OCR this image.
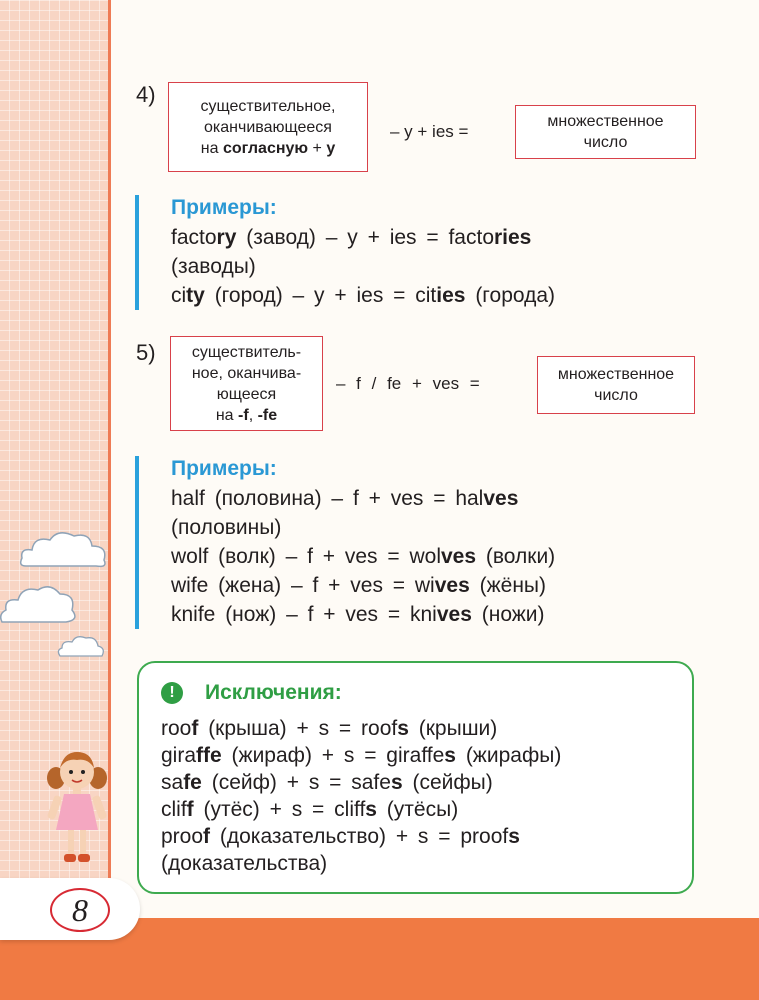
8
4)	существительное,
оканчивающееся
на согласную + y
– y + ies =
множественное
число
Примеры:
factory (завод) – y + ies = factories
(заводы)
city (город) – y + ies = cities (города)
5)	существитель-
ное, оканчива-
ющееся
на -f, -fe
– f / fe + ves =	множественное
число
Примеры:
half (половина) – f + ves = halves
(половины)
wolf (волк) – f + ves = wolves (волки)
wife (жена) – f + ves = wives (жёны)
knife (нож) – f + ves = knives (ножи)
!	Исключения:
roof (крыша) + s = roofs (крыши)
giraffe (жираф) + s = giraffes (жирафы)
safe (сейф) + s = safes (сейфы)
cliff (утёс) + s = cliffs (утёсы)
proof (доказательство) + s = proofs
(доказательства)
